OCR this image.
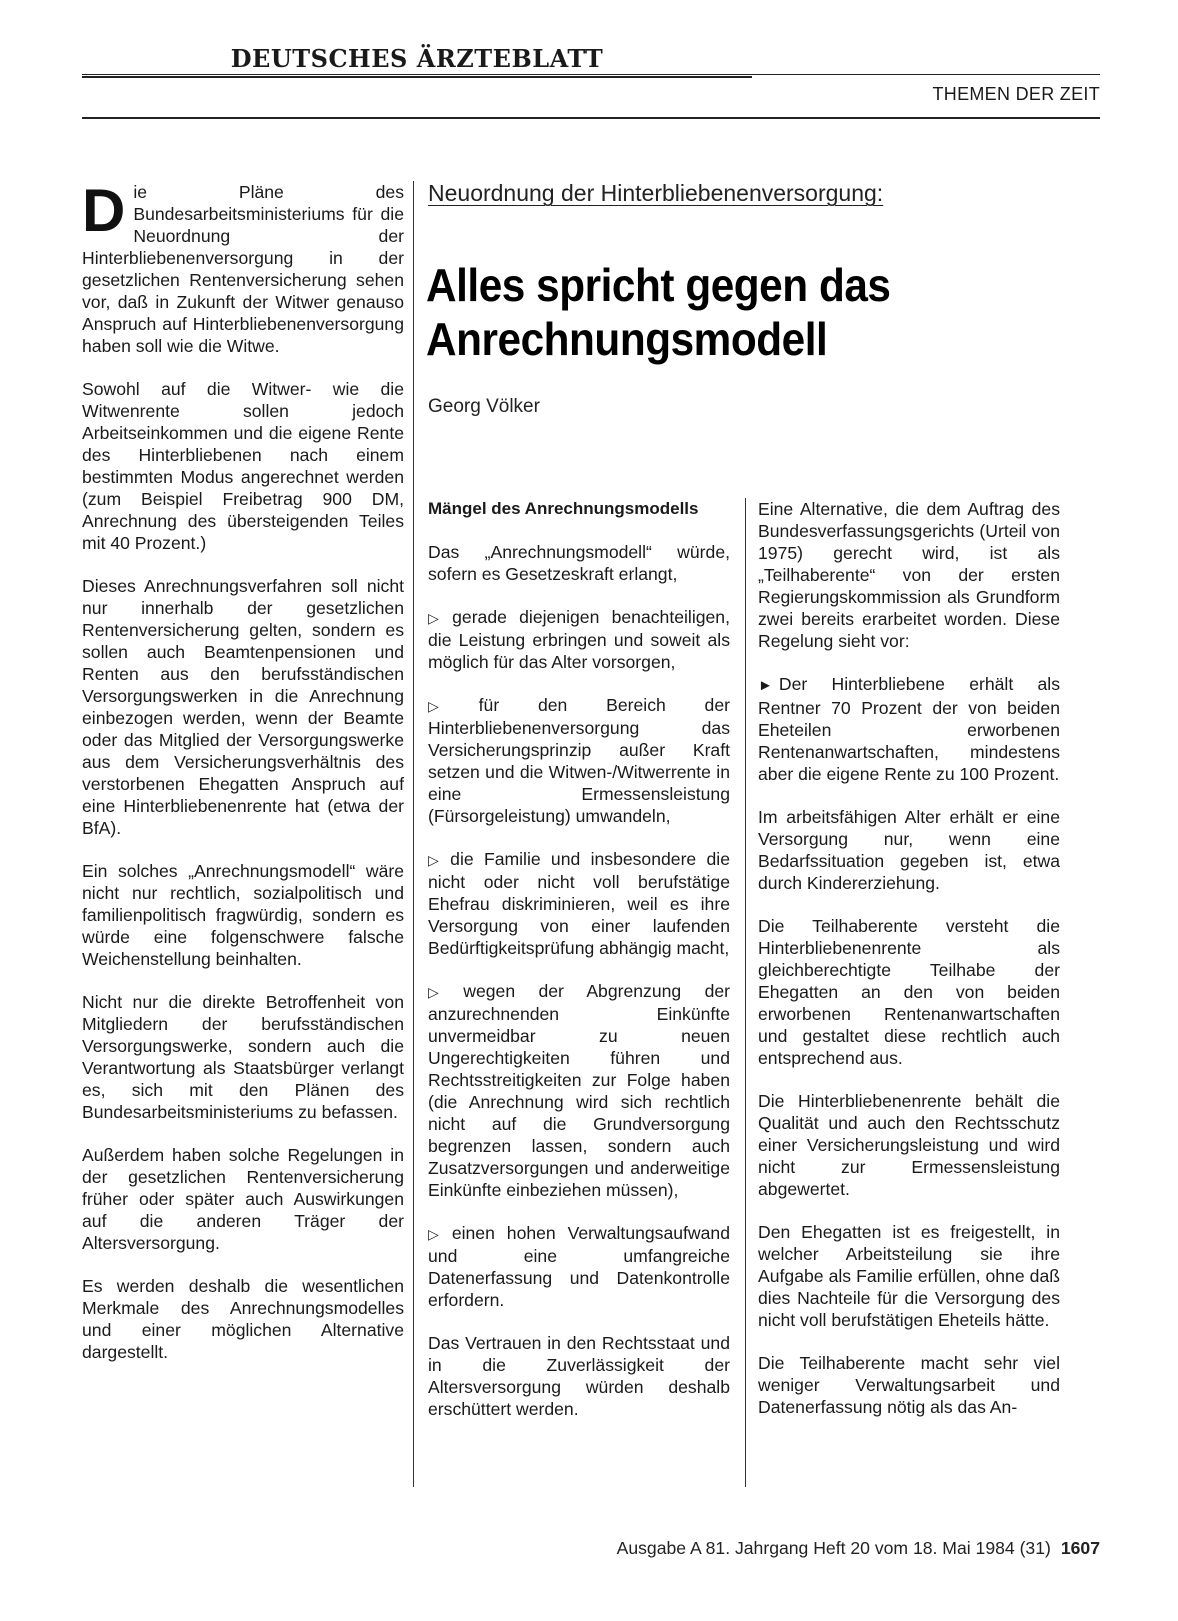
DEUTSCHES ÄRZTEBLATT
THEMEN DER ZEIT

Die Pläne des Bundesarbeitsministeriums für die Neuordnung der Hinterbliebenenversorgung in der gesetzlichen Rentenversicherung sehen vor, daß in Zukunft der Witwer genauso Anspruch auf Hinterbliebenenversorgung haben soll wie die Witwe.

Sowohl auf die Witwer- wie die Witwenrente sollen jedoch Arbeitseinkommen und die eigene Rente des Hinterbliebenen nach einem bestimmten Modus angerechnet werden (zum Beispiel Freibetrag 900 DM, Anrechnung des übersteigenden Teiles mit 40 Prozent.)

Dieses Anrechnungsverfahren soll nicht nur innerhalb der gesetzlichen Rentenversicherung gelten, sondern es sollen auch Beamtenpensionen und Renten aus den berufsständischen Versorgungswerken in die Anrechnung einbezogen werden, wenn der Beamte oder das Mitglied der Versorgungswerke aus dem Versicherungsverhältnis des verstorbenen Ehegatten Anspruch auf eine Hinterbliebenenrente hat (etwa der BfA).

Ein solches „Anrechnungsmodell“ wäre nicht nur rechtlich, sozialpolitisch und familienpolitisch fragwürdig, sondern es würde eine folgenschwere falsche Weichenstellung beinhalten.

Nicht nur die direkte Betroffenheit von Mitgliedern der berufsständischen Versorgungswerke, sondern auch die Verantwortung als Staatsbürger verlangt es, sich mit den Plänen des Bundesarbeitsministeriums zu befassen.

Außerdem haben solche Regelungen in der gesetzlichen Rentenversicherung früher oder später auch Auswirkungen auf die anderen Träger der Altersversorgung.

Es werden deshalb die wesentlichen Merkmale des Anrechnungsmodelles und einer möglichen Alternative dargestellt.

Neuordnung der Hinterbliebenenversorgung:
Alles spricht gegen das Anrechnungsmodell
Georg Völker

Mängel des Anrechnungsmodells

Das „Anrechnungsmodell“ würde, sofern es Gesetzeskraft erlangt,

▷ gerade diejenigen benachteiligen, die Leistung erbringen und soweit als möglich für das Alter vorsorgen,

▷ für den Bereich der Hinterbliebenenversorgung das Versicherungsprinzip außer Kraft setzen und die Witwen-/Witwerrente in eine Ermessensleistung (Fürsorgeleistung) umwandeln,

▷ die Familie und insbesondere die nicht oder nicht voll berufstätige Ehefrau diskriminieren, weil es ihre Versorgung von einer laufenden Bedürftigkeitsprüfung abhängig macht,

▷ wegen der Abgrenzung der anzurechnenden Einkünfte unvermeidbar zu neuen Ungerechtigkeiten führen und Rechtsstreitigkeiten zur Folge haben (die Anrechnung wird sich rechtlich nicht auf die Grundversorgung begrenzen lassen, sondern auch Zusatzversorgungen und anderweitige Einkünfte einbeziehen müssen),

▷ einen hohen Verwaltungsaufwand und eine umfangreiche Datenerfassung und Datenkontrolle erfordern.

Das Vertrauen in den Rechtsstaat und in die Zuverlässigkeit der Altersversorgung würden deshalb erschüttert werden.

Eine Alternative, die dem Auftrag des Bundesverfassungsgerichts (Urteil von 1975) gerecht wird, ist als „Teilhaberente“ von der ersten Regierungskommission als Grundform zwei bereits erarbeitet worden. Diese Regelung sieht vor:

► Der Hinterbliebene erhält als Rentner 70 Prozent der von beiden Eheteilen erworbenen Rentenanwartschaften, mindestens aber die eigene Rente zu 100 Prozent.

Im arbeitsfähigen Alter erhält er eine Versorgung nur, wenn eine Bedarfssituation gegeben ist, etwa durch Kindererziehung.

Die Teilhaberente versteht die Hinterbliebenenrente als gleichberechtigte Teilhabe der Ehegatten an den von beiden erworbenen Rentenanwartschaften und gestaltet diese rechtlich auch entsprechend aus.

Die Hinterbliebenenrente behält die Qualität und auch den Rechtsschutz einer Versicherungsleistung und wird nicht zur Ermessensleistung abgewertet.

Den Ehegatten ist es freigestellt, in welcher Arbeitsteilung sie ihre Aufgabe als Familie erfüllen, ohne daß dies Nachteile für die Versorgung des nicht voll berufstätigen Eheteils hätte.

Die Teilhaberente macht sehr viel weniger Verwaltungsarbeit und Datenerfassung nötig als das An-

Ausgabe A 81. Jahrgang Heft 20 vom 18. Mai 1984 (31) 1607
